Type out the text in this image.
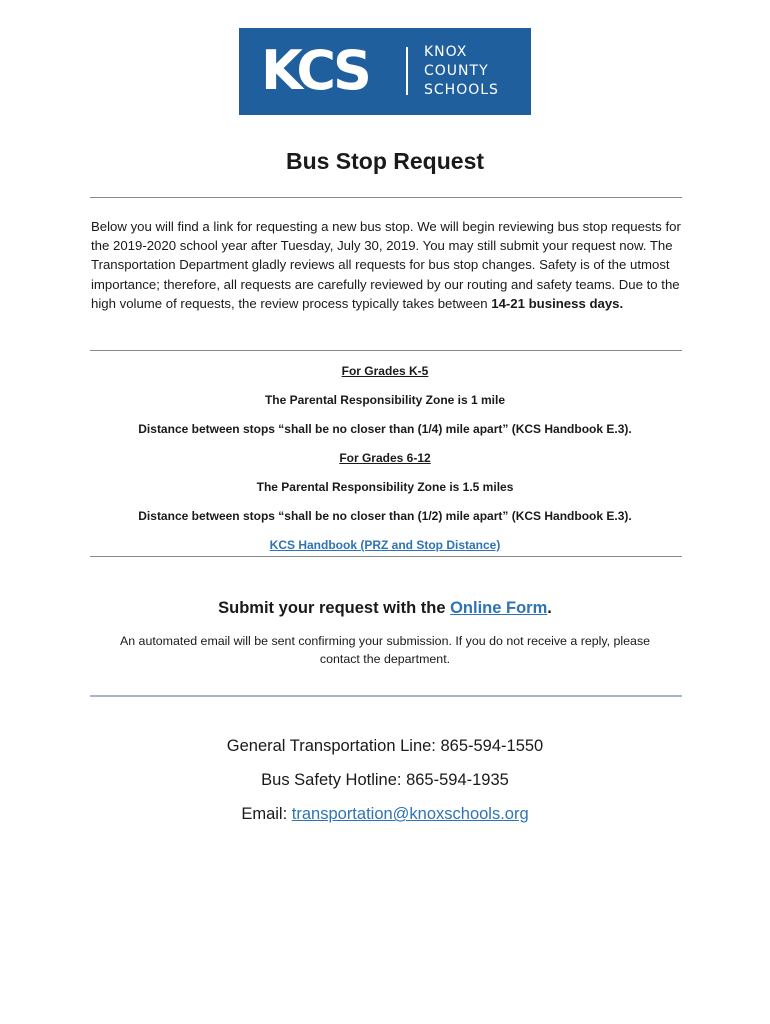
KCS	KNOX
COUNTY
SCHOOLS
Bus Stop Request
Below you will find a link for requesting a new bus stop. We will begin reviewing bus stop requests for the 2019-2020 school year after Tuesday, July 30, 2019. You may still submit your request now. The Transportation Department gladly reviews all requests for bus stop changes. Safety is of the utmost importance; therefore, all requests are carefully reviewed by our routing and safety teams. Due to the high volume of requests, the review process typically takes between 14-21 business days.
For Grades K-5
The Parental Responsibility Zone is 1 mile
Distance between stops “shall be no closer than (1/4) mile apart” (KCS Handbook E.3).
For Grades 6-12
The Parental Responsibility Zone is 1.5 miles
Distance between stops “shall be no closer than (1/2) mile apart” (KCS Handbook E.3).
KCS Handbook (PRZ and Stop Distance)
Submit your request with the Online Form.
An automated email will be sent confirming your submission. If you do not receive a reply, please contact the department.
General Transportation Line: 865-594-1550
Bus Safety Hotline: 865-594-1935
Email: transportation@knoxschools.org
